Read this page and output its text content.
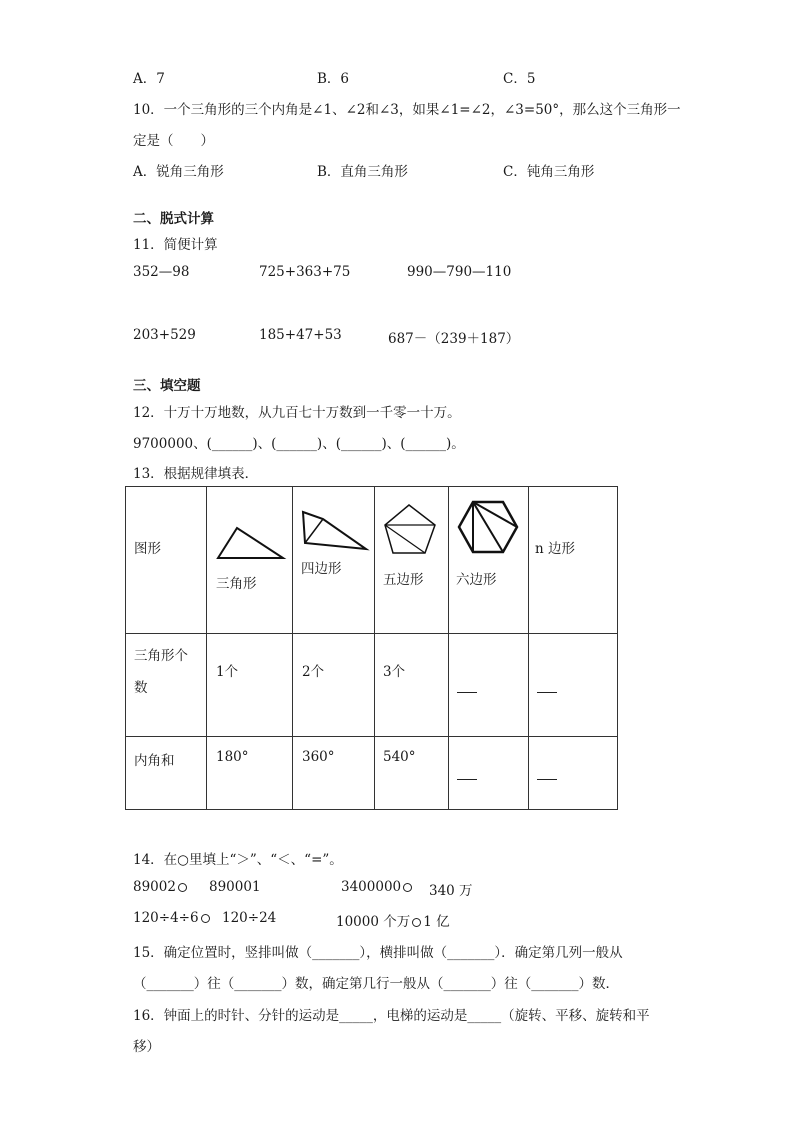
A．7	B．6	C．5
10．一个三角形的三个内角是∠1、∠2和∠3，如果∠1=∠2，∠3=50°，那么这个三角形一
定是（　　）
A．锐角三角形	B．直角三角形	C．钝角三角形
二、脱式计算
11．简便计算
352—98	725+363+75	990—790—110
203+529	185+47+53	687－（239＋187）
三、填空题
12．十万十万地数，从九百七十万数到一千零一十万。
9700000、(______)、(______)、(______)、(______)。
13．根据规律填表．
图形	三角形	四边形	五边形	六边形	n 边形

三角形个
数	1个	2个	3个		

内角和	180°	360°	540°		

14．在○里填上“＞”、“＜、“=”。
89002	890001	3400000	340 万
120÷4÷6	120÷24	10000 个万 1 亿
15．确定位置时，竖排叫做（_______），横排叫做（_______）．确定第几列一般从
（_______）往（_______）数，确定第几行一般从（_______）往（_______）数．
16．钟面上的时针、分针的运动是_____，电梯的运动是_____（旋转、平移、旋转和平
移）
